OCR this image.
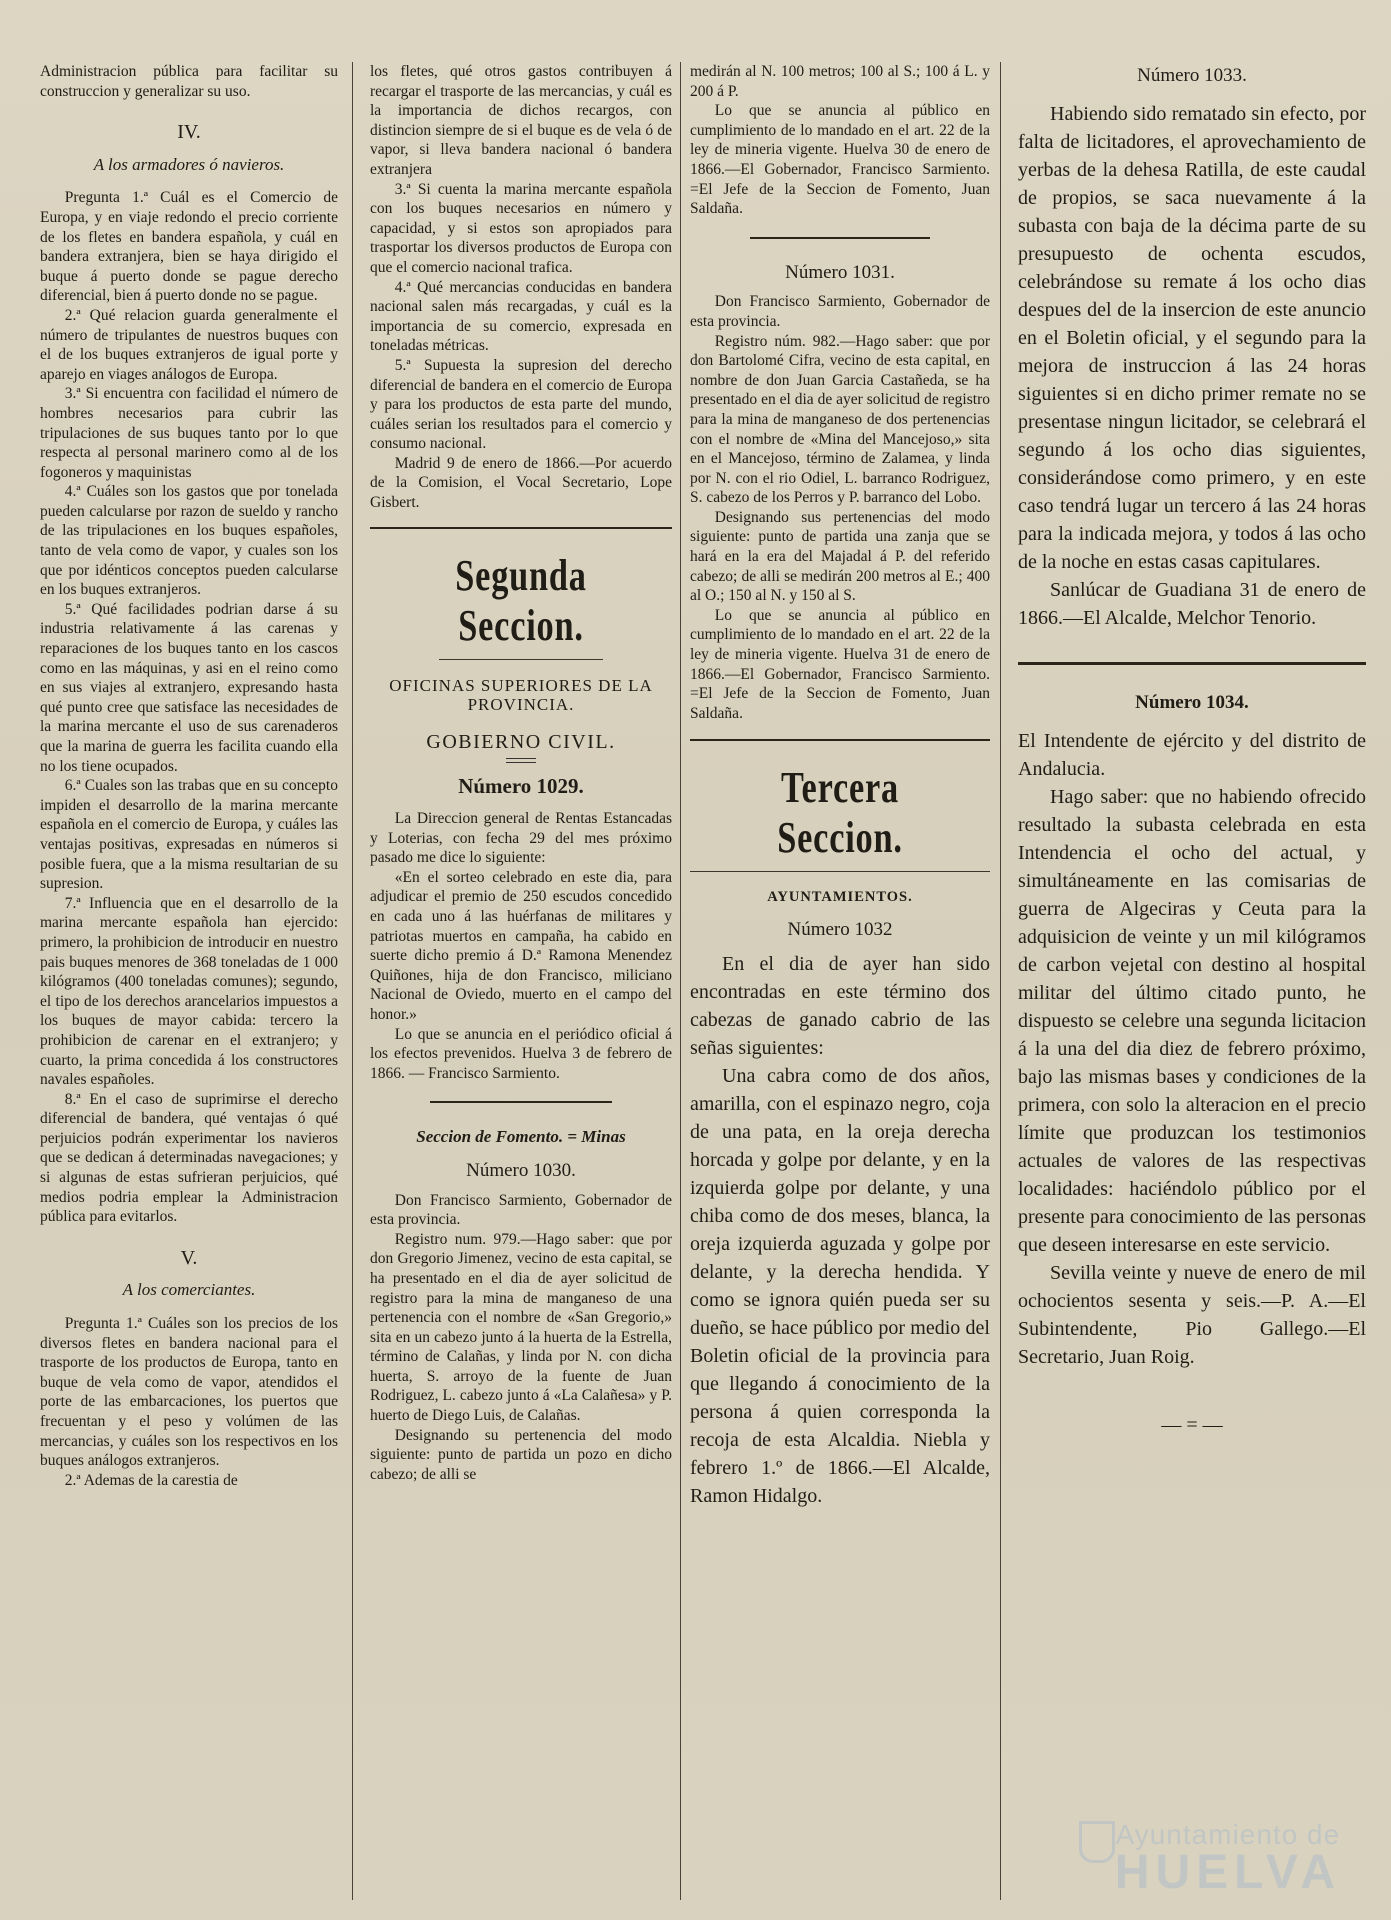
Administracion pública para facilitar su construccion y generalizar su uso.

IV.

A los armadores ó navieros.

Pregunta 1.ª Cuál es el Comercio de Europa, y en viaje redondo el precio corriente de los fletes en bandera española, y cuál en bandera extranjera, bien se haya dirigido el buque á puerto donde se pague derecho diferencial, bien á puerto donde no se pague.

2.ª Qué relacion guarda generalmente el número de tripulantes de nuestros buques con el de los buques extranjeros de igual porte y aparejo en viages análogos de Europa.

3.ª Si encuentra con facilidad el número de hombres necesarios para cubrir las tripulaciones de sus buques tanto por lo que respecta al personal marinero como al de los fogoneros y maquinistas

4.ª Cuáles son los gastos que por tonelada pueden calcularse por razon de sueldo y rancho de las tripulaciones en los buques españoles, tanto de vela como de vapor, y cuales son los que por idénticos conceptos pueden calcularse en los buques extranjeros.

5.ª Qué facilidades podrian darse á su industria relativamente á las carenas y reparaciones de los buques tanto en los cascos como en las máquinas, y asi en el reino como en sus viajes al extranjero, expresando hasta qué punto cree que satisface las necesidades de la marina mercante el uso de sus carenaderos que la marina de guerra les facilita cuando ella no los tiene ocupados.

6.ª Cuales son las trabas que en su concepto impiden el desarrollo de la marina mercante española en el comercio de Europa, y cuáles las ventajas positivas, expresadas en números si posible fuera, que a la misma resultarian de su supresion.

7.ª Influencia que en el desarrollo de la marina mercante española han ejercido: primero, la prohibicion de introducir en nuestro pais buques menores de 368 toneladas de 1 000 kilógramos (400 toneladas comunes); segundo, el tipo de los derechos arancelarios impuestos a los buques de mayor cabida: tercero la prohibicion de carenar en el extranjero; y cuarto, la prima concedida á los constructores navales españoles.

8.ª En el caso de suprimirse el derecho diferencial de bandera, qué ventajas ó qué perjuicios podrán experimentar los navieros que se dedican á determinadas navegaciones; y si algunas de estas sufrieran perjuicios, qué medios podria emplear la Administracion pública para evitarlos.

V.

A los comerciantes.

Pregunta 1.ª Cuáles son los precios de los diversos fletes en bandera nacional para el trasporte de los productos de Europa, tanto en buque de vela como de vapor, atendidos el porte de las embarcaciones, los puertos que frecuentan y el peso y volúmen de las mercancias, y cuáles son los respectivos en los buques análogos extranjeros.

2.ª Ademas de la carestia de

los fletes, qué otros gastos contribuyen á recargar el trasporte de las mercancias, y cuál es la importancia de dichos recargos, con distincion siempre de si el buque es de vela ó de vapor, si lleva bandera nacional ó bandera extranjera

3.ª Si cuenta la marina mercante española con los buques necesarios en número y capacidad, y si estos son apropiados para trasportar los diversos productos de Europa con que el comercio nacional trafica.

4.ª Qué mercancias conducidas en bandera nacional salen más recargadas, y cuál es la importancia de su comercio, expresada en toneladas métricas.

5.ª Supuesta la supresion del derecho diferencial de bandera en el comercio de Europa y para los productos de esta parte del mundo, cuáles serian los resultados para el comercio y consumo nacional.

Madrid 9 de enero de 1866.—Por acuerdo de la Comision, el Vocal Secretario, Lope Gisbert.

Segunda Seccion.
OFICINAS SUPERIORES DE LA PROVINCIA.
GOBIERNO CIVIL.
Número 1029.

La Direccion general de Rentas Estancadas y Loterias, con fecha 29 del mes próximo pasado me dice lo siguiente:

«En el sorteo celebrado en este dia, para adjudicar el premio de 250 escudos concedido en cada uno á las huérfanas de militares y patriotas muertos en campaña, ha cabido en suerte dicho premio á D.ª Ramona Menendez Quiñones, hija de don Francisco, miliciano Nacional de Oviedo, muerto en el campo del honor.»

Lo que se anuncia en el periódico oficial á los efectos prevenidos. Huelva 3 de febrero de 1866. — Francisco Sarmiento.

Seccion de Fomento. = Minas

Número 1030.

Don Francisco Sarmiento, Gobernador de esta provincia.

Registro num. 979.—Hago saber: que por don Gregorio Jimenez, vecino de esta capital, se ha presentado en el dia de ayer solicitud de registro para la mina de manganeso de una pertenencia con el nombre de «San Gregorio,» sita en un cabezo junto á la huerta de la Estrella, término de Calañas, y linda por N. con dicha huerta, S. arroyo de la fuente de Juan Rodriguez, L. cabezo junto á «La Calañesa» y P. huerto de Diego Luis, de Calañas.

Designando su pertenencia del modo siguiente: punto de partida un pozo en dicho cabezo; de alli se

medirán al N. 100 metros; 100 al S.; 100 á L. y 200 á P.

Lo que se anuncia al público en cumplimiento de lo mandado en el art. 22 de la ley de mineria vigente. Huelva 30 de enero de 1866.—El Gobernador, Francisco Sarmiento. =El Jefe de la Seccion de Fomento, Juan Saldaña.

Número 1031.

Don Francisco Sarmiento, Gobernador de esta provincia.

Registro núm. 982.—Hago saber: que por don Bartolomé Cifra, vecino de esta capital, en nombre de don Juan Garcia Castañeda, se ha presentado en el dia de ayer solicitud de registro para la mina de manganeso de dos pertenencias con el nombre de «Mina del Mancejoso,» sita en el Mancejoso, término de Zalamea, y linda por N. con el rio Odiel, L. barranco Rodriguez, S. cabezo de los Perros y P. barranco del Lobo.

Designando sus pertenencias del modo siguiente: punto de partida una zanja que se hará en la era del Majadal á P. del referido cabezo; de alli se medirán 200 metros al E.; 400 al O.; 150 al N. y 150 al S.

Lo que se anuncia al público en cumplimiento de lo mandado en el art. 22 de la ley de mineria vigente. Huelva 31 de enero de 1866.—El Gobernador, Francisco Sarmiento. =El Jefe de la Seccion de Fomento, Juan Saldaña.

Tercera Seccion.
AYUNTAMIENTOS.
Número 1032

En el dia de ayer han sido encontradas en este término dos cabezas de ganado cabrio de las señas siguientes:

Una cabra como de dos años, amarilla, con el espinazo negro, coja de una pata, en la oreja derecha horcada y golpe por delante, y en la izquierda golpe por delante, y una chiba como de dos meses, blanca, la oreja izquierda aguzada y golpe por delante, y la derecha hendida. Y como se ignora quién pueda ser su dueño, se hace público por medio del Boletin oficial de la provincia para que llegando á conocimiento de la persona á quien corresponda la recoja de esta Alcaldia. Niebla y febrero 1.º de 1866.—El Alcalde, Ramon Hidalgo.

Número 1033.

Habiendo sido rematado sin efecto, por falta de licitadores, el aprovechamiento de yerbas de la dehesa Ratilla, de este caudal de propios, se saca nuevamente á la subasta con baja de la décima parte de su presupuesto de ochenta escudos, celebrándose su remate á los ocho dias despues del de la insercion de este anuncio en el Boletin oficial, y el segundo para la mejora de instruccion á las 24 horas siguientes si en dicho primer remate no se presentase ningun licitador, se celebrará el segundo á los ocho dias siguientes, considerándose como primero, y en este caso tendrá lugar un tercero á las 24 horas para la indicada mejora, y todos á las ocho de la noche en estas casas capitulares.

Sanlúcar de Guadiana 31 de enero de 1866.—El Alcalde, Melchor Tenorio.

Número 1034.

El Intendente de ejército y del distrito de Andalucia.

Hago saber: que no habiendo ofrecido resultado la subasta celebrada en esta Intendencia el ocho del actual, y simultáneamente en las comisarias de guerra de Algeciras y Ceuta para la adquisicion de veinte y un mil kilógramos de carbon vejetal con destino al hospital militar del último citado punto, he dispuesto se celebre una segunda licitacion á la una del dia diez de febrero próximo, bajo las mismas bases y condiciones de la primera, con solo la alteracion en el precio límite que produzcan los testimonios actuales de valores de las respectivas localidades: haciéndolo público por el presente para conocimiento de las personas que deseen interesarse en este servicio.

Sevilla veinte y nueve de enero de mil ochocientos sesenta y seis.—P. A.—El Subintendente, Pio Gallego.—El Secretario, Juan Roig.

— = —
Ayuntamiento de
HUELVA
